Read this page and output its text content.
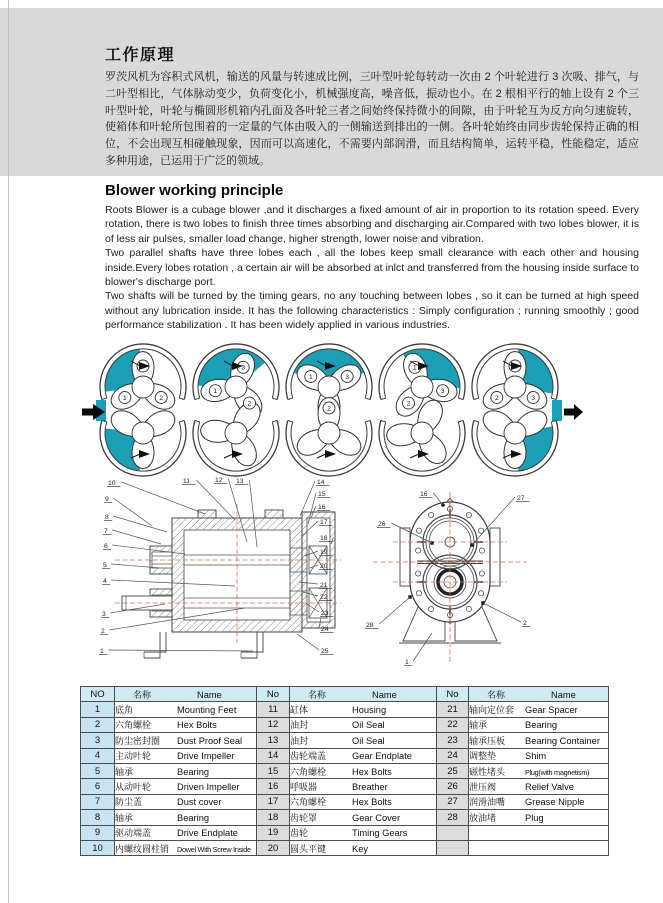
工作原理
罗茨风机为容积式风机，输送的风量与转速成比例，三叶型叶轮每转动一次由 2 个叶轮进行 3 次吸、排气，与二叶型相比，气体脉动变少，负荷变化小，机械强度高，噪音低，振动也小。在 2 根相平行的轴上设有 2 个三叶型叶轮，叶轮与椭圆形机箱内孔面及各叶轮三者之间始终保持微小的间隙，由于叶轮互为反方向匀速旋转，使箱体和叶轮所包围着的一定量的气体由吸入的一侧输送到排出的一侧。各叶轮始终由同步齿轮保持正确的相位，不会出现互相碰触现象，因而可以高速化，不需要内部润滑，而且结构简单，运转平稳，性能稳定，适应多种用途，已运用于广泛的领域。
Blower working principle

Roots Blower is a cubage blower ,and it discharges a fixed amount of air in proportion to its rotation speed. Every rotation, there is two lobes to finish three times absorbing and discharging air.Compared with two lobes blower, it is of less air pulses, smaller load change, higher strength, lower noise and vibration.

Two parallel shafts have three lobes each , all the lobes keep small clearance with each other and housing inside.Every lobes rotation , a certain air will be absorbed at inlct and transferred from the housing inside surface to blower's discharge port.

Two shafts will be turned by the timing gears, no any touching between lobes , so it can be turned at high speed without any lubrication inside. It has the following characteristics : Simply configuration ; running smoothly ; good performance stabilization . It has been widely applied in various industries.

1	2
3
1
2
1	3
2
1
2
3
2	3
10	11	12 13
9
8
7
6
5
4
3
2
1
14
15
16
17
18
19
20
21
22
23
24
25
16
26
27
28	2
1
NO	名称 Name	No	名称 Name	No	名称 Name
1	底角 Mounting Feet	11	缸体 Housing	21	轴向定位套 Gear Spacer
2	六角螺栓 Hex Bolts	12	油封 Oil Seal	22	轴承 Bearing
3	防尘密封圈 Dust Proof Seal	13	油封 Oil Seal	23	轴承压板 Bearing Container
4	主动叶轮 Drive Impeller	14	齿轮端盖 Gear Endplate	24	调整垫 Shim
5	轴承 Bearing	15	六角螺栓 Hex Bolts	25	磁性堵头 Plug(with magnetism)
6	从动叶轮 Driven Impeller	16	呼吸器 Breather	26	泄压阀 Relief Valve
7	防尘盖 Dust cover	17	六角螺栓 Hex Bolts	27	润滑油嘴 Grease Nipple
8	轴承 Bearing	18	齿轮罩 Gear Cover	28	放油堵 Plug
9	驱动端盖 Drive Endplate	19	齿轮 Timing Gears		
10	内螺纹圆柱销 Dowel With Screw Inside	20	圆头平键 Key		
